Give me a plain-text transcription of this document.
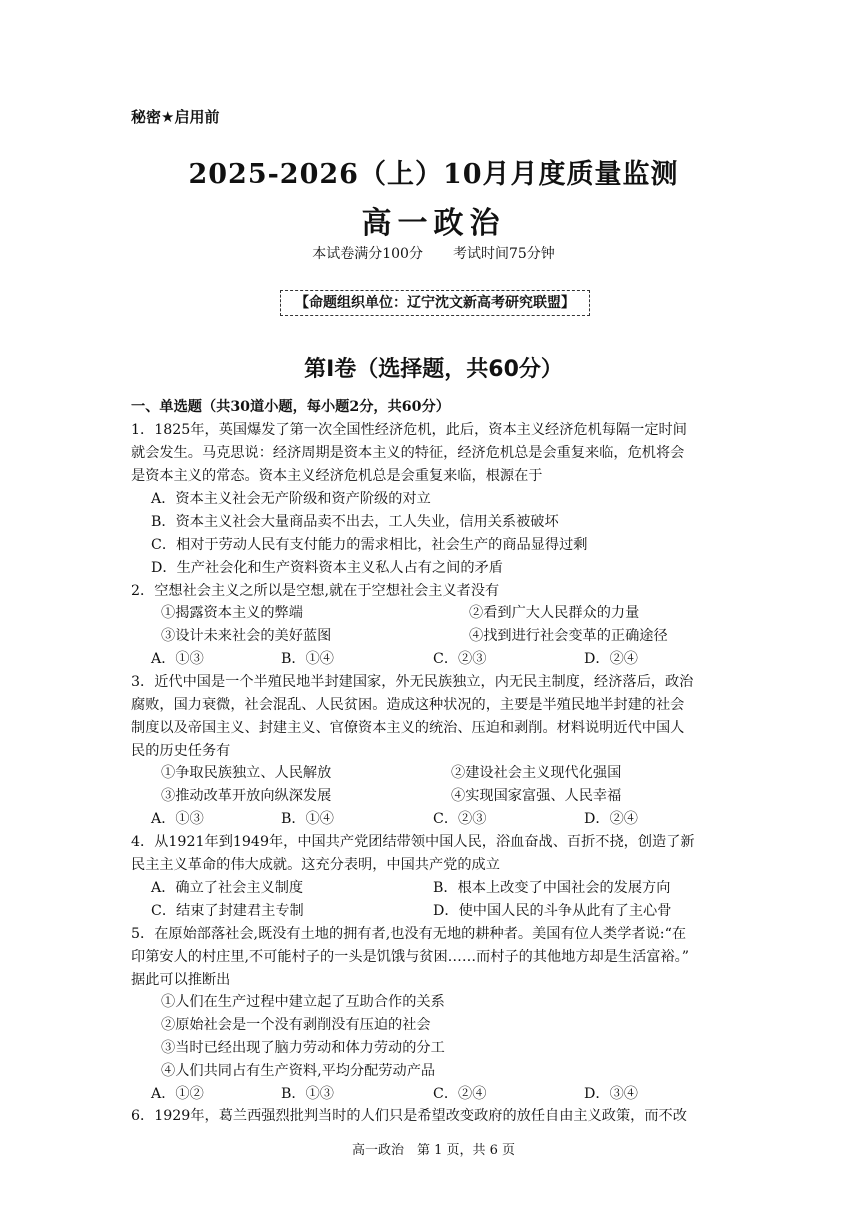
秘密★启用前
2025-2026（上）10月月度质量监测
高一政治
本试卷满分100分 考试时间75分钟
【命题组织单位：辽宁沈文新高考研究联盟】
第Ⅰ卷（选择题，共60分）
一、单选题（共30道小题，每小题2分，共60分）
1．1825年，英国爆发了第一次全国性经济危机，此后，资本主义经济危机每隔一定时间
就会发生。马克思说：经济周期是资本主义的特征，经济危机总是会重复来临，危机将会
是资本主义的常态。资本主义经济危机总是会重复来临，根源在于
A．资本主义社会无产阶级和资产阶级的对立
B．资本主义社会大量商品卖不出去，工人失业，信用关系被破坏
C．相对于劳动人民有支付能力的需求相比，社会生产的商品显得过剩
D．生产社会化和生产资料资本主义私人占有之间的矛盾
2．空想社会主义之所以是空想,就在于空想社会主义者没有
①揭露资本主义的弊端	②看到广大人民群众的力量
③设计未来社会的美好蓝图	④找到进行社会变革的正确途径
A．①③	B．①④	C．②③	D．②④
3．近代中国是一个半殖民地半封建国家，外无民族独立，内无民主制度，经济落后，政治
腐败，国力衰微，社会混乱、人民贫困。造成这种状况的，主要是半殖民地半封建的社会
制度以及帝国主义、封建主义、官僚资本主义的统治、压迫和剥削。材料说明近代中国人
民的历史任务有
①争取民族独立、人民解放	②建设社会主义现代化强国
③推动改革开放向纵深发展	④实现国家富强、人民幸福
A．①③	B．①④	C．②③	D．②④
4．从1921年到1949年，中国共产党团结带领中国人民，浴血奋战、百折不挠，创造了新
民主主义革命的伟大成就。这充分表明，中国共产党的成立
A．确立了社会主义制度	B．根本上改变了中国社会的发展方向
C．结束了封建君主专制	D．使中国人民的斗争从此有了主心骨
5．在原始部落社会,既没有土地的拥有者,也没有无地的耕种者。美国有位人类学者说:“在
印第安人的村庄里,不可能村子的一头是饥饿与贫困……而村子的其他地方却是生活富裕。”
据此可以推断出
①人们在生产过程中建立起了互助合作的关系
②原始社会是一个没有剥削没有压迫的社会
③当时已经出现了脑力劳动和体力劳动的分工
④人们共同占有生产资料,平均分配劳动产品
A．①②	B．①③	C．②④	D．③④
6．1929年，葛兰西强烈批判当时的人们只是希望改变政府的放任自由主义政策，而不改
高一政治　第 1 页，共 6 页
